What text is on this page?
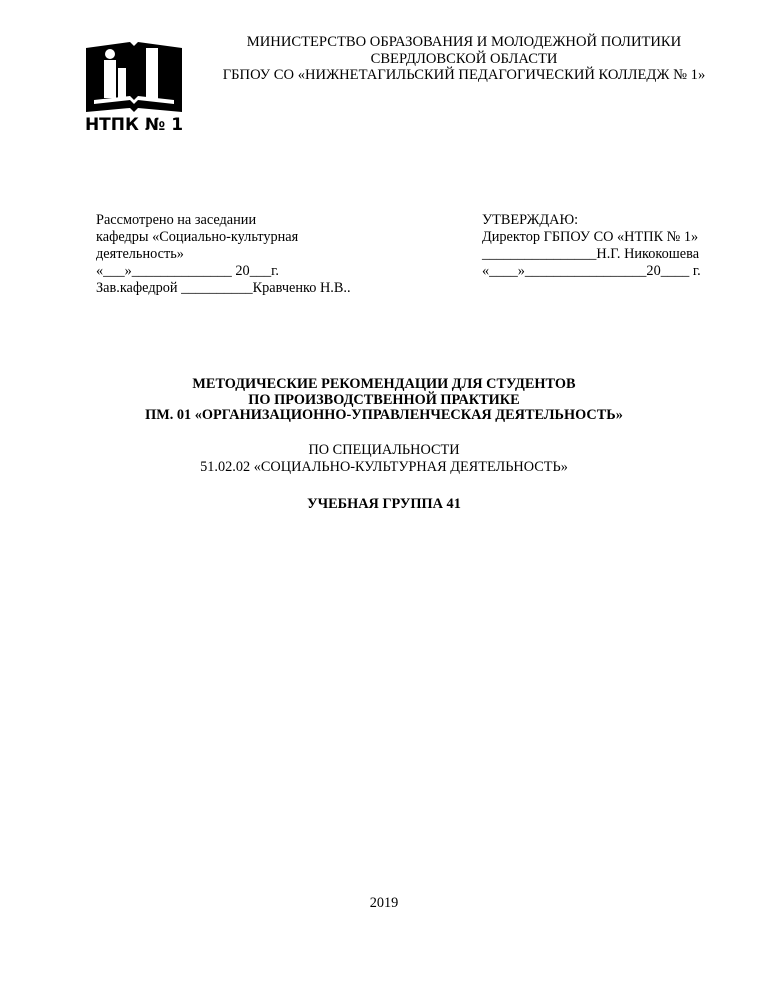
НТПК № 1
МИНИСТЕРСТВО ОБРАЗОВАНИЯ И МОЛОДЕЖНОЙ ПОЛИТИКИ
СВЕРДЛОВСКОЙ ОБЛАСТИ
ГБПОУ СО «НИЖНЕТАГИЛЬСКИЙ ПЕДАГОГИЧЕСКИЙ КОЛЛЕДЖ № 1»
Рассмотрено на заседании
кафедры «Социально-культурная
деятельность»
«___»______________ 20___г.
Зав.кафедрой __________Кравченко Н.В..
УТВЕРЖДАЮ:
Директор ГБПОУ СО «НТПК № 1»
________________Н.Г. Никокошева
«____»_________________20____ г.
МЕТОДИЧЕСКИЕ РЕКОМЕНДАЦИИ ДЛЯ СТУДЕНТОВ
ПО ПРОИЗВОДСТВЕННОЙ ПРАКТИКЕ
ПМ. 01 «ОРГАНИЗАЦИОННО-УПРАВЛЕНЧЕСКАЯ ДЕЯТЕЛЬНОСТЬ»
ПО СПЕЦИАЛЬНОСТИ
51.02.02 «СОЦИАЛЬНО-КУЛЬТУРНАЯ ДЕЯТЕЛЬНОСТЬ»
УЧЕБНАЯ ГРУППА 41
2019
